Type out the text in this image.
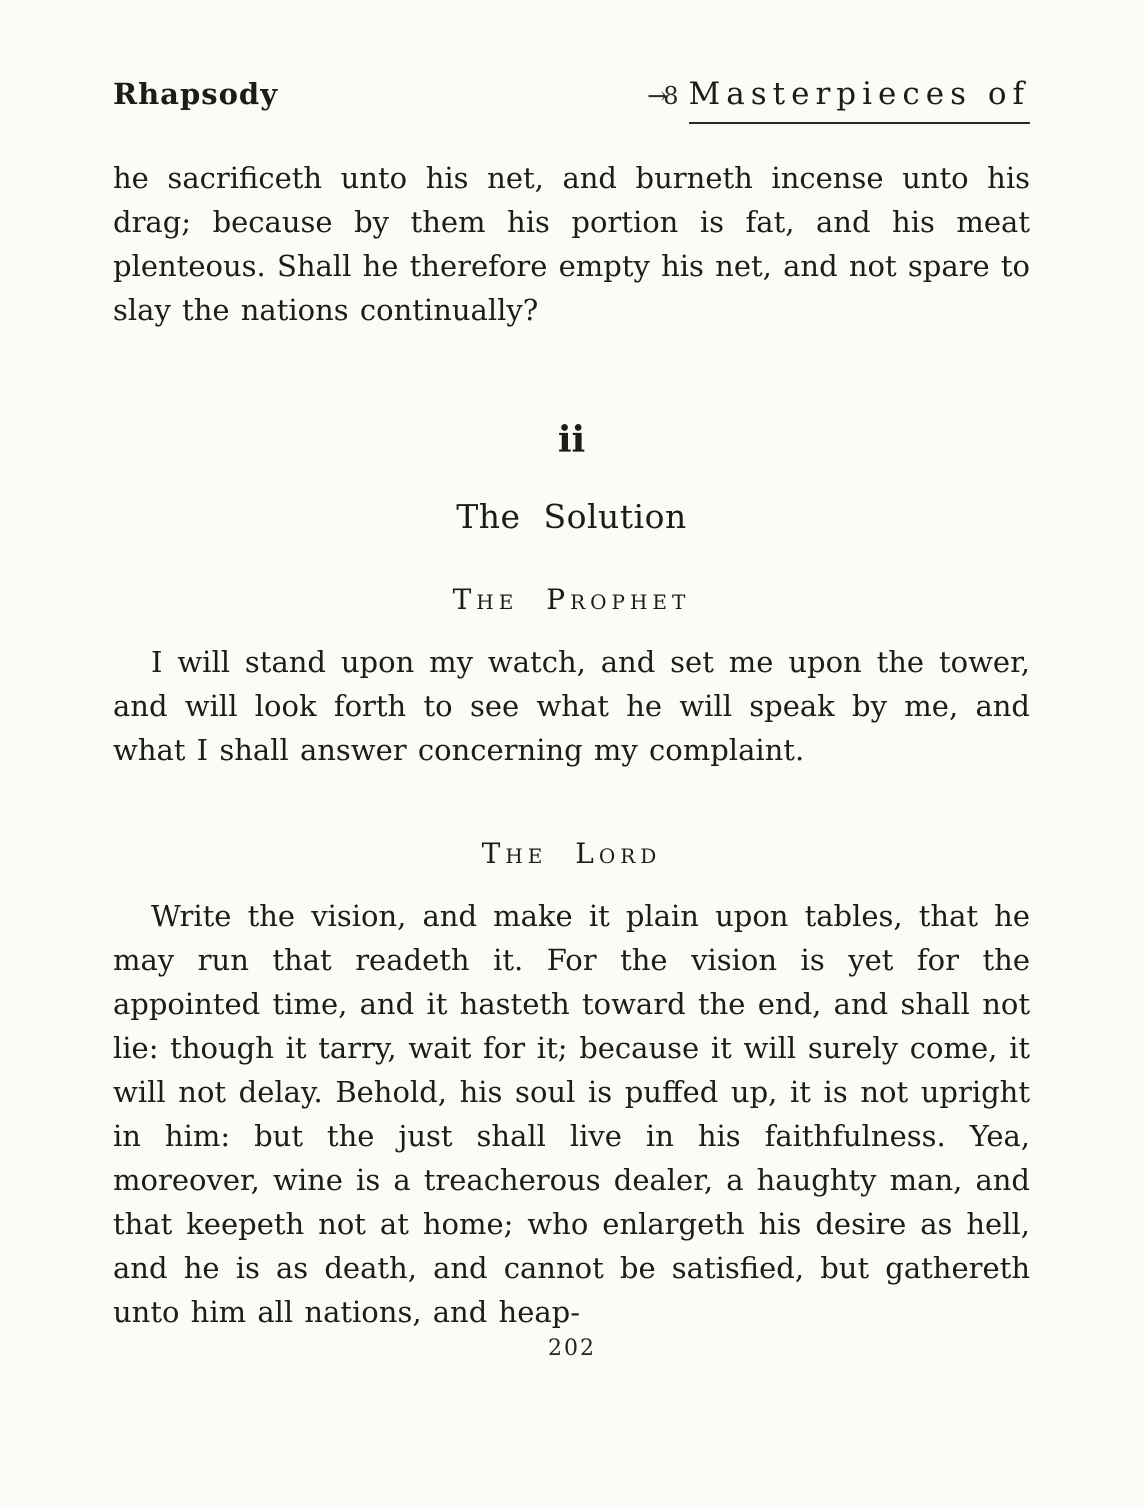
Rhapsody	→8 Masterpieces of

he sacrificeth unto his net, and burneth incense unto his drag; because by them his portion is fat, and his meat plenteous. Shall he therefore empty his net, and not spare to slay the nations continually?

ii
The Solution
The Prophet

I will stand upon my watch, and set me upon the tower, and will look forth to see what he will speak by me, and what I shall answer concerning my complaint.

The Lord

Write the vision, and make it plain upon tables, that he may run that readeth it. For the vision is yet for the appointed time, and it hasteth toward the end, and shall not lie: though it tarry, wait for it; because it will surely come, it will not delay. Behold, his soul is puffed up, it is not upright in him: but the just shall live in his faithfulness. Yea, moreover, wine is a treacherous dealer, a haughty man, and that keepeth not at home; who enlargeth his desire as hell, and he is as death, and cannot be satisfied, but gathereth unto him all nations, and heap-

202
